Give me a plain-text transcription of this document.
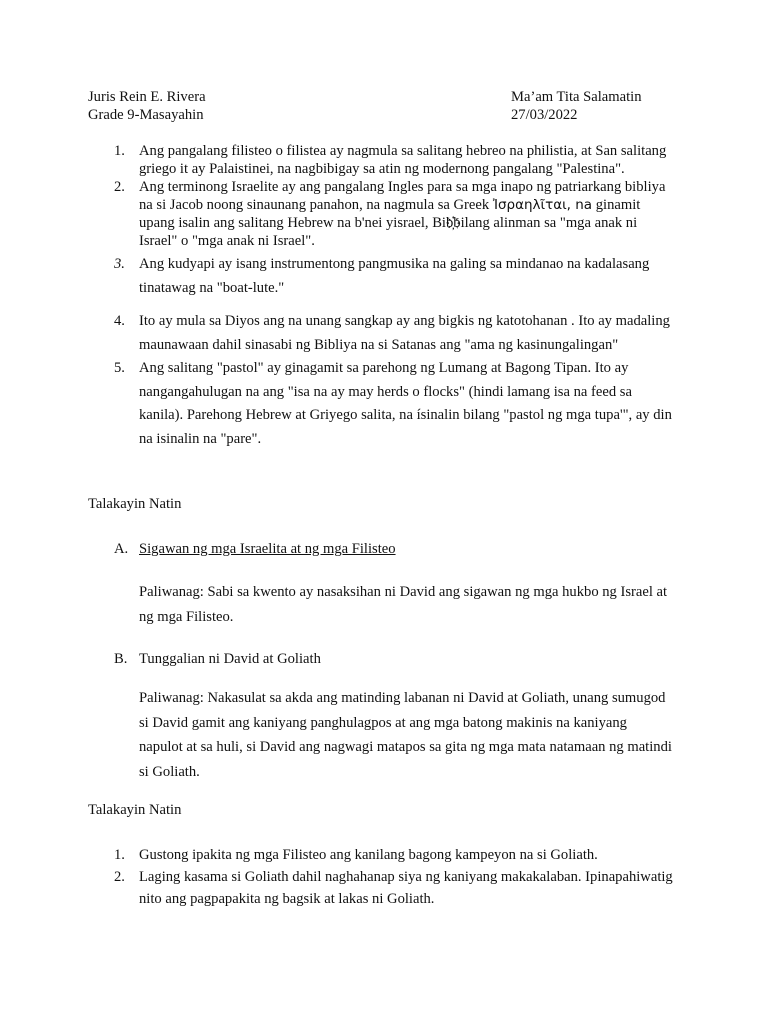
Juris Rein E. Rivera	Ma’am Tita Salamatin
Grade 9-Masayahin	27/03/2022
1. Ang pangalang filisteo o filistea ay nagmula sa salitang hebreo na philistia, at San salitang griego it ay Palaistinei, na nagbibigay sa atin ng modernong pangalang "Palestina".
2. Ang terminong Israelite ay ang pangalang Ingles para sa mga inapo ng patriarkang bibliya na si Jacob noong sinaunang panahon, na nagmula sa Greek Ἰσραηλῖται, na ginamit upang isalin ang salitang Hebrew na b'nei yisrael, Bib҉bilang alinman sa "mga anak ni Israel" o "mga anak ni Israel".
3. Ang kudyapi ay isang instrumentong pangmusika na galing sa mindanao na kadalasang tinatawag na "boat-lute."
4. Ito ay mula sa Diyos ang na unang sangkap ay ang bigkis ng katotohanan . Ito ay madaling maunawaan dahil sinasabi ng Bibliya na si Satanas ang "ama ng kasinungalingan"
5. Ang salitang "pastol" ay ginagamit sa parehong ng Lumang at Bagong Tipan. Ito ay nangangahulugan na ang "isa na ay may herds o flocks" (hindi lamang isa na feed sa kanila). Parehong Hebrew at Griyego salita, na ísinalin bilang "pastol ng mga tupa'", ay din na isinalin na "pare".
Talakayin Natin
A. Sigawan ng mga Israelita at ng mga Filisteo
Paliwanag: Sabi sa kwento ay nasaksihan ni David ang sigawan ng mga hukbo ng Israel at ng mga Filisteo.
B. Tunggalian ni David at Goliath
Paliwanag: Nakasulat sa akda ang matinding labanan ni David at Goliath, unang sumugod si David gamit ang kaniyang panghulagpos at ang mga batong makinis na kaniyang napulot at sa huli, si David ang nagwagi matapos sa gita ng mga mata natamaan ng matindi si Goliath.
Talakayin Natin
1. Gustong ipakita ng mga Filisteo ang kanilang bagong kampeyon na si Goliath.
2. Laging kasama si Goliath dahil naghahanap siya ng kaniyang makakalaban. Ipinapahiwatig nito ang pagpapakita ng bagsik at lakas ni Goliath.
